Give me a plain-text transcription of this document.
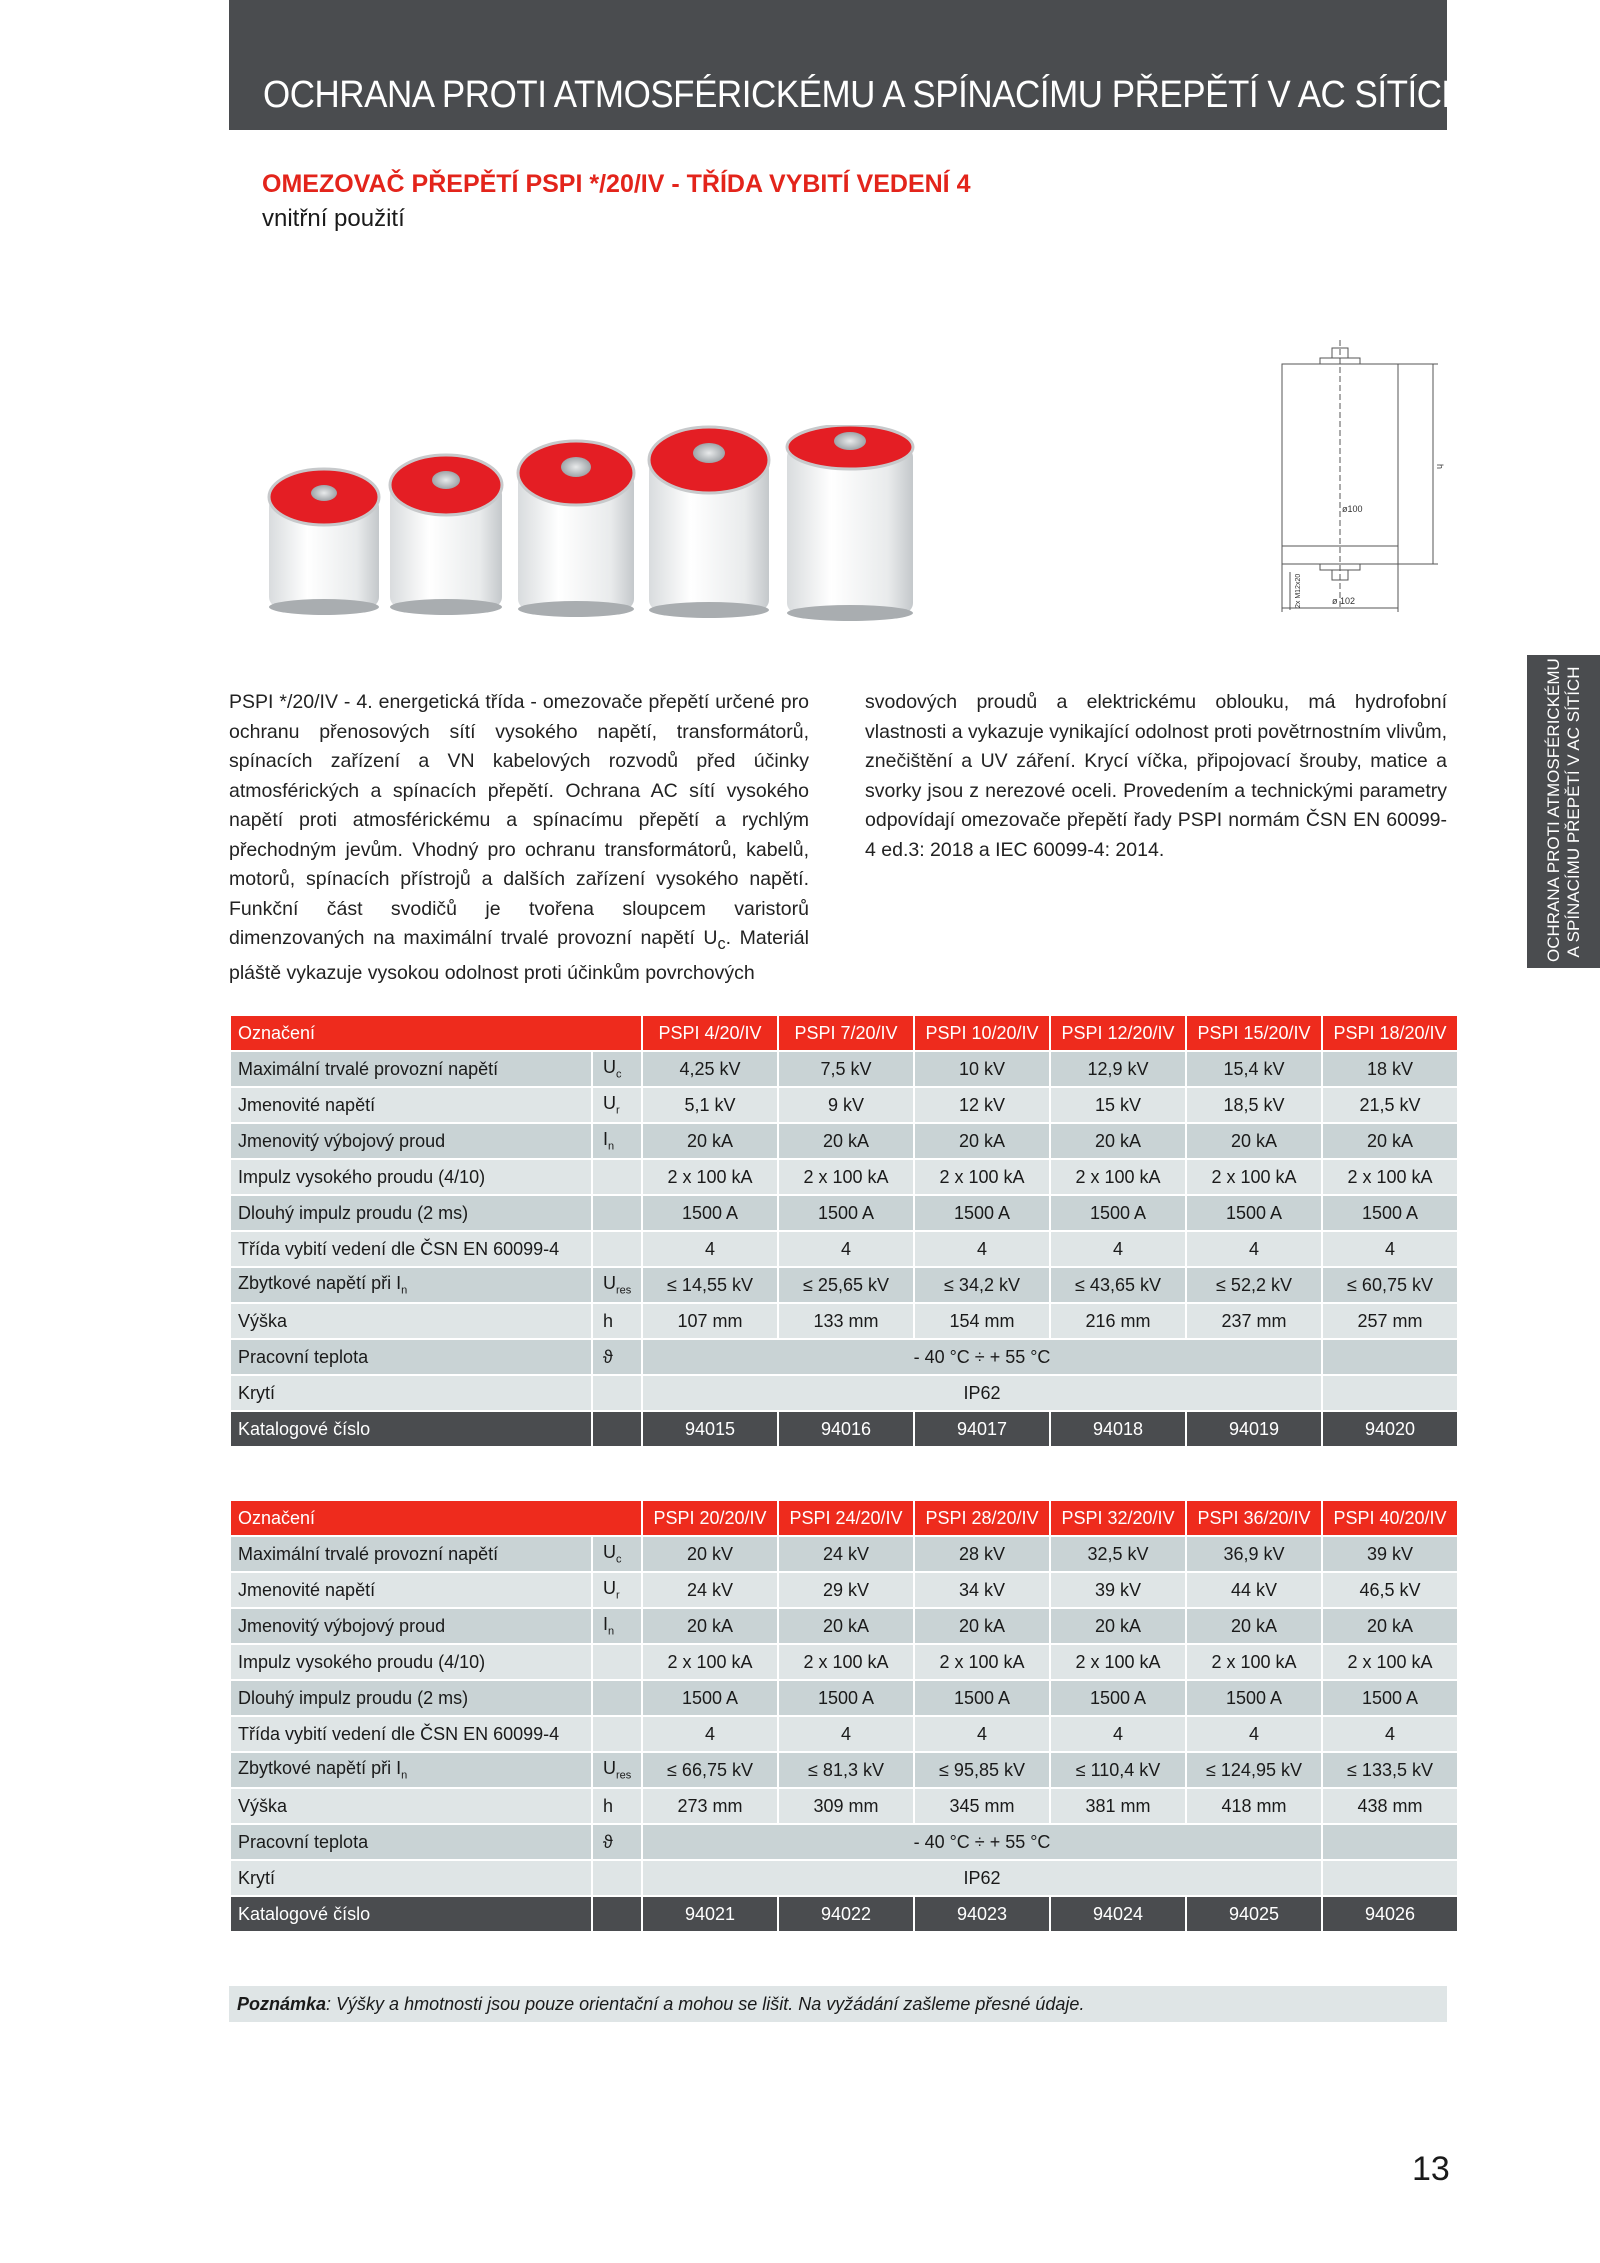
OCHRANA PROTI ATMOSFÉRICKÉMU A SPÍNACÍMU PŘEPĚTÍ V AC SÍTÍCH
OMEZOVAČ PŘEPĚTÍ PSPI */20/IV - TŘÍDA VYBITÍ VEDENÍ 4
vnitřní použití
h
ø100
ø 102
2x M12x20
PSPI */20/IV - 4. energetická třída - omezovače přepětí určené pro ochranu přenosových sítí vysokého napětí, transformátorů, spínacích zařízení a VN kabelových rozvodů před účinky atmosférických a spínacích přepětí. Ochrana AC sítí vysokého napětí proti atmosférickému a spínacímu přepětí a rychlým přechodným jevům. Vhodný pro ochranu transformátorů, kabelů, motorů, spínacích přístrojů a dalších zařízení vysokého napětí. Funkční část svodičů je tvořena sloupcem varistorů dimenzovaných na maximální trvalé provozní napětí $U_c$. Materiál pláště vykazuje vysokou odolnost proti účinkům povrchových
svodových proudů a elektrickému oblouku, má hydrofobní vlastnosti a vykazuje vynikající odolnost proti povětrnostním vlivům, znečištění a UV záření. Krycí víčka, připojovací šrouby, matice a svorky jsou z nerezové oceli. Provedením a technickými parametry odpovídají omezovače přepětí řady PSPI normám ČSN EN 60099-4 ed.3: 2018 a IEC 60099-4: 2014.	OCHRANA PROTI ATMOSFÉRICKÉMU A SPÍNACÍMU PŘEPĚTÍ V AC SÍTÍCH
Označení		PSPI 4/20/IV	PSPI 7/20/IV	PSPI 10/20/IV	PSPI 12/20/IV	PSPI 15/20/IV	PSPI 18/20/IV
Maximální trvalé provozní napětí	$U_c$	4,25 kV	7,5 kV	10 kV	12,9 kV	15,4 kV	18 kV
Jmenovité napětí	$U_r$	5,1 kV	9 kV	12 kV	15 kV	18,5 kV	21,5 kV
Jmenovitý výbojový proud	$I_n$	20 kA	20 kA	20 kA	20 kA	20 kA	20 kA
Impulz vysokého proudu (4/10)		2 x 100 kA	2 x 100 kA	2 x 100 kA	2 x 100 kA	2 x 100 kA	2 x 100 kA
Dlouhý impulz proudu (2 ms)		1500 A	1500 A	1500 A	1500 A	1500 A	1500 A
Třída vybití vedení dle ČSN EN 60099-4		4	4	4	4	4	4
Zbytkové napětí při $I_n$	$U_{res}$	≤ 14,55 kV	≤ 25,65 kV	≤ 34,2 kV	≤ 43,65 kV	≤ 52,2 kV	≤ 60,75 kV
Výška	h	107 mm	133 mm	154 mm	216 mm	237 mm	257 mm
Pracovní teplota	ϑ	- 40 °C ÷ + 55 °C					
Krytí		IP62					
Katalogové číslo		94015	94016	94017	94018	94019	94020
Označení		PSPI 20/20/IV	PSPI 24/20/IV	PSPI 28/20/IV	PSPI 32/20/IV	PSPI 36/20/IV	PSPI 40/20/IV
Maximální trvalé provozní napětí	$U_c$	20 kV	24 kV	28 kV	32,5 kV	36,9 kV	39 kV
Jmenovité napětí	$U_r$	24 kV	29 kV	34 kV	39 kV	44 kV	46,5 kV
Jmenovitý výbojový proud	$I_n$	20 kA	20 kA	20 kA	20 kA	20 kA	20 kA
Impulz vysokého proudu (4/10)		2 x 100 kA	2 x 100 kA	2 x 100 kA	2 x 100 kA	2 x 100 kA	2 x 100 kA
Dlouhý impulz proudu (2 ms)		1500 A	1500 A	1500 A	1500 A	1500 A	1500 A
Třída vybití vedení dle ČSN EN 60099-4		4	4	4	4	4	4
Zbytkové napětí při $I_n$	$U_{res}$	≤ 66,75 kV	≤ 81,3 kV	≤ 95,85 kV	≤ 110,4 kV	≤ 124,95 kV	≤ 133,5 kV
Výška	h	273 mm	309 mm	345 mm	381 mm	418 mm	438 mm
Pracovní teplota	ϑ	- 40 °C ÷ + 55 °C					
Krytí		IP62					
Katalogové číslo		94021	94022	94023	94024	94025	94026
Poznámka: Výšky a hmotnosti jsou pouze orientační a mohou se lišit. Na vyžádání zašleme přesné údaje.
13
